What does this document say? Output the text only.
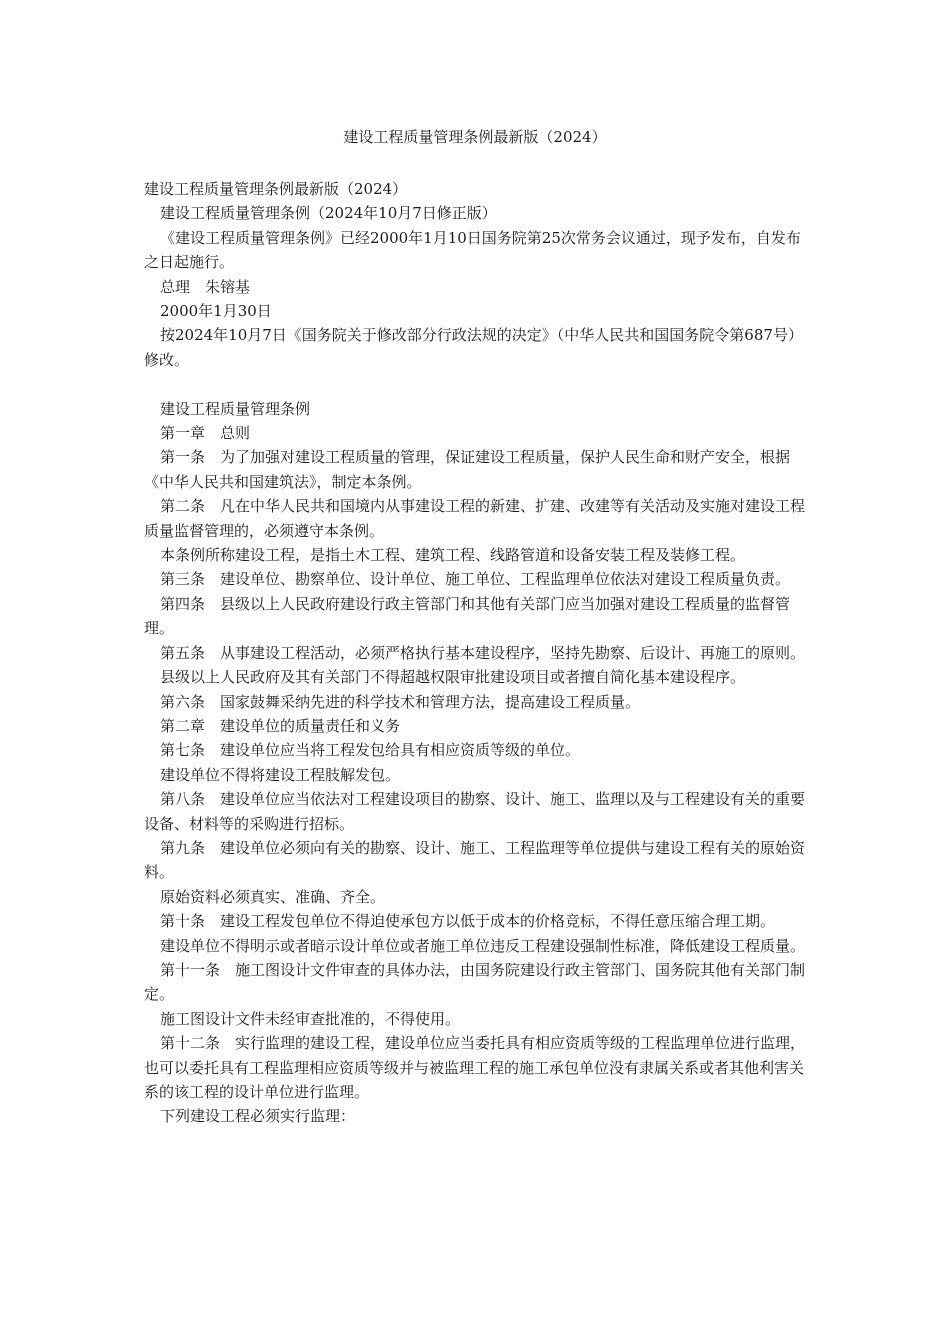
建设工程质量管理条例最新版（2024）

建设工程质量管理条例最新版（2024）

建设工程质量管理条例（2024年10月7日修正版）

《建设工程质量管理条例》已经2000年1月10日国务院第25次常务会议通过，现予发布，自发布之日起施行。

总理　朱镕基

2000年1月30日

按2024年10月7日《国务院关于修改部分行政法规的决定》（中华人民共和国国务院令第687号）修改。

建设工程质量管理条例

第一章　总则

第一条　为了加强对建设工程质量的管理，保证建设工程质量，保护人民生命和财产安全，根据《中华人民共和国建筑法》，制定本条例。

第二条　凡在中华人民共和国境内从事建设工程的新建、扩建、改建等有关活动及实施对建设工程质量监督管理的，必须遵守本条例。

本条例所称建设工程，是指土木工程、建筑工程、线路管道和设备安装工程及装修工程。

第三条　建设单位、勘察单位、设计单位、施工单位、工程监理单位依法对建设工程质量负责。

第四条　县级以上人民政府建设行政主管部门和其他有关部门应当加强对建设工程质量的监督管理。

第五条　从事建设工程活动，必须严格执行基本建设程序，坚持先勘察、后设计、再施工的原则。

县级以上人民政府及其有关部门不得超越权限审批建设项目或者擅自简化基本建设程序。

第六条　国家鼓舞采纳先进的科学技术和管理方法，提高建设工程质量。

第二章　建设单位的质量责任和义务

第七条　建设单位应当将工程发包给具有相应资质等级的单位。

建设单位不得将建设工程肢解发包。

第八条　建设单位应当依法对工程建设项目的勘察、设计、施工、监理以及与工程建设有关的重要设备、材料等的采购进行招标。

第九条　建设单位必须向有关的勘察、设计、施工、工程监理等单位提供与建设工程有关的原始资料。

原始资料必须真实、准确、齐全。

第十条　建设工程发包单位不得迫使承包方以低于成本的价格竞标，不得任意压缩合理工期。

建设单位不得明示或者暗示设计单位或者施工单位违反工程建设强制性标准，降低建设工程质量。

第十一条　施工图设计文件审查的具体办法，由国务院建设行政主管部门、国务院其他有关部门制定。

施工图设计文件未经审查批准的，不得使用。

第十二条　实行监理的建设工程，建设单位应当委托具有相应资质等级的工程监理单位进行监理，也可以委托具有工程监理相应资质等级并与被监理工程的施工承包单位没有隶属关系或者其他利害关系的该工程的设计单位进行监理。

下列建设工程必须实行监理：
